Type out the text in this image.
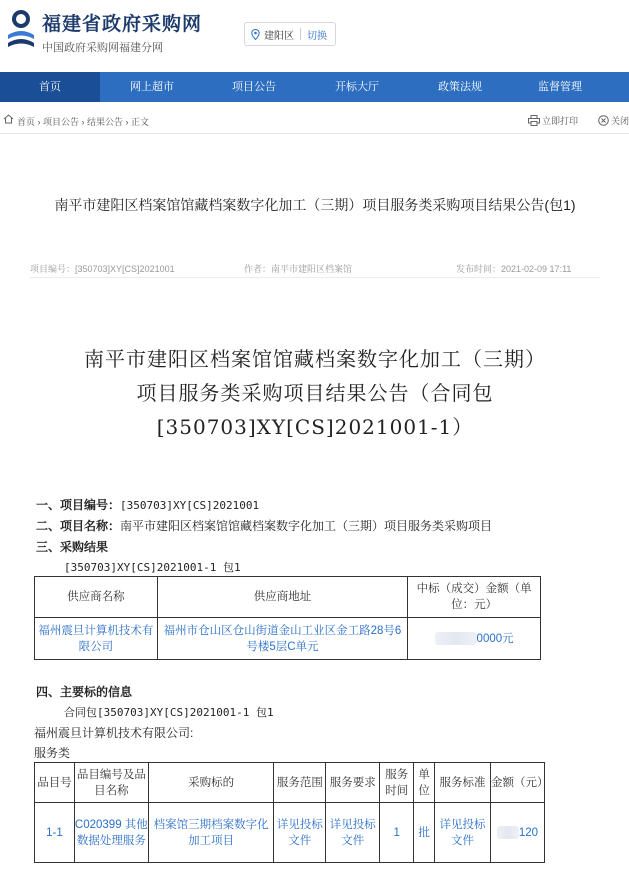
福建省政府采购网
中国政府采购网福建分网
建阳区 切换
首页	网上超市	项目公告	开标大厅	政策法规	监督管理
首页 › 项目公告 › 结果公告 › 正文	立即打印	关闭
南平市建阳区档案馆馆藏档案数字化加工（三期）项目服务类采购项目结果公告(包1)
项目编号：[350703]XY[CS]2021001	作者：南平市建阳区档案馆	发布时间：2021-02-09 17:11
南平市建阳区档案馆馆藏档案数字化加工（三期）
项目服务类采购项目结果公告（合同包
[350703]XY[CS]2021001-1）
一、项目编号：[350703]XY[CS]2021001
二、项目名称：南平市建阳区档案馆馆藏档案数字化加工（三期）项目服务类采购项目
三、采购结果
[350703]XY[CS]2021001-1 包1
供应商名称	供应商地址	中标（成交）金额（单位：元）
福州震旦计算机技术有限公司	福州市仓山区仓山街道金山工业区金工路28号6号楼5层C单元	0000元
四、主要标的信息
合同包[350703]XY[CS]2021001-1 包1
福州震旦计算机技术有限公司:
服务类
品目号	品目编号及品目名称	采购标的	服务范围	服务要求	服务时间	单位	服务标准	金额（元）
1-1	C020399 其他数据处理服务	档案馆三期档案数字化加工项目	详见投标文件	详见投标文件	1	批	详见投标文件	120
